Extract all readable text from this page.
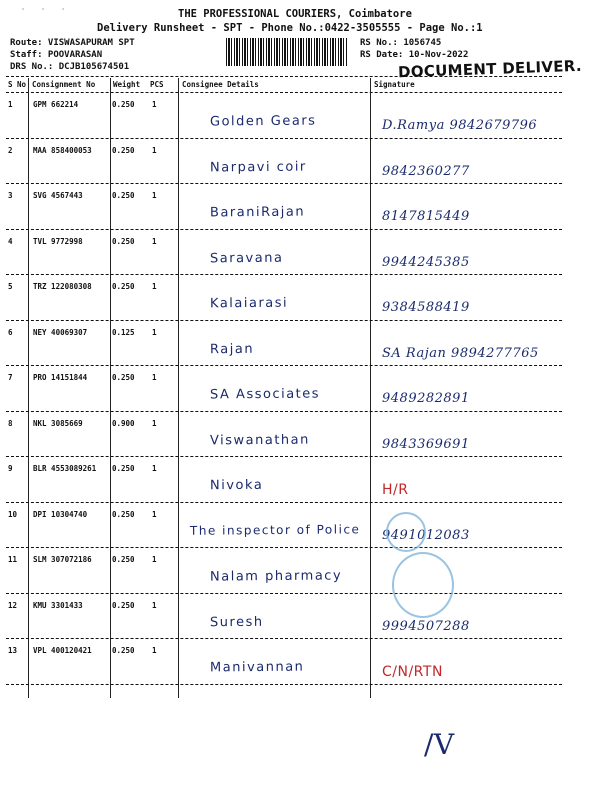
˙ ˙ ˙	THE PROFESSIONAL COURIERS, Coimbatore
Delivery Runsheet - SPT - Phone No.:0422-3505555 - Page No.:1
Route: VISWASAPURAM SPT
Staff: POOVARASAN
DRS No.: DCJB105674501
RS No.: 1056745
RS Date: 10-Nov-2022
DOCUMENT DELIVER.
S No Consignment No Weight PCS Consignee Details	Signature
1	GPM 662214	0.250 1
Golden Gears	D.Ramya 9842679796
2	MAA 858400053	0.250 1
Narpavi coir	9842360277
3	SVG 4567443	0.250 1
BaraniRajan	8147815449
4	TVL 9772998	0.250 1
Saravana	9944245385
5	TRZ 122080308	0.250 1
Kalaiarasi	9384588419
6	NEY 40069307	0.125 1
Rajan	SA Rajan 9894277765
7	PRO 14151844	0.250 1
SA Associates	9489282891
8	NKL 3085669	0.900 1
Viswanathan	9843369691
9	BLR 4553089261 0.250 1
Nivoka	H/R
10 DPI 10304740	0.250 1
The inspector of Police	9491012083
11 SLM 307072186	0.250 1
Nalam pharmacy
12 KMU 3301433	0.250 1
Suresh	9994507288
13 VPL 400120421	0.250 1
Manivannan	C/N/RTN
/V
